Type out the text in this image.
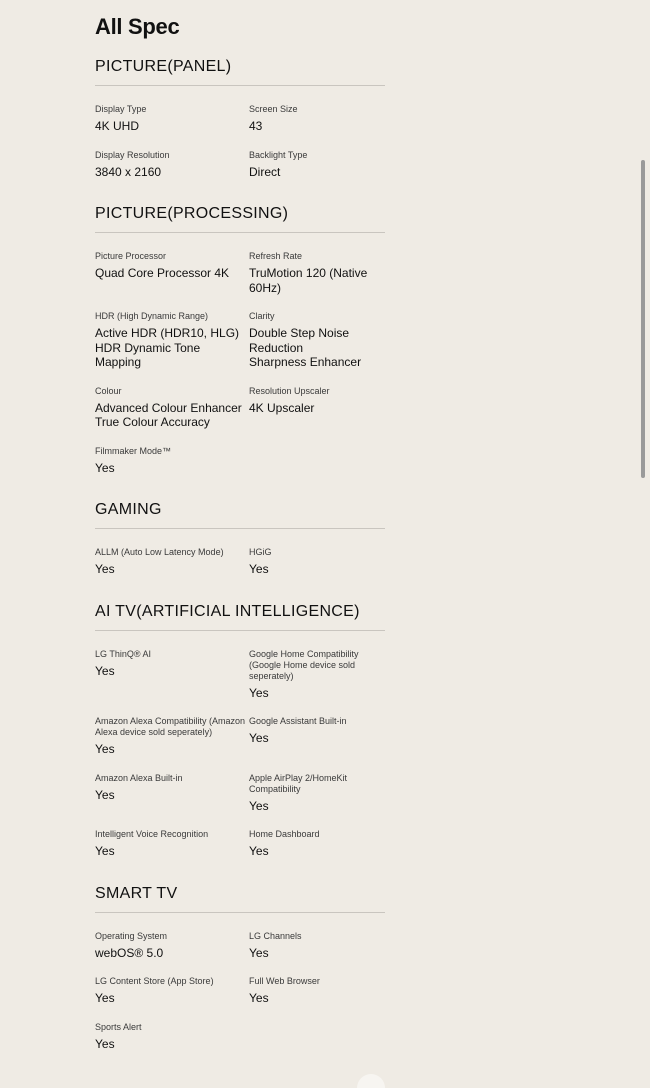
All Spec
PICTURE(PANEL)
Display Type
4K UHD
Screen Size
43
Display Resolution
3840 x 2160
Backlight Type
Direct
PICTURE(PROCESSING)
Picture Processor
Quad Core Processor 4K
Refresh Rate
TruMotion 120 (Native 60Hz)
HDR (High Dynamic Range)
Active HDR (HDR10, HLG)
HDR Dynamic Tone Mapping
Clarity
Double Step Noise Reduction
Sharpness Enhancer
Colour
Advanced Colour Enhancer
True Colour Accuracy
Resolution Upscaler
4K Upscaler
Filmmaker Mode™
Yes
GAMING
ALLM (Auto Low Latency Mode)
Yes
HGiG
Yes
AI TV(ARTIFICIAL INTELLIGENCE)
LG ThinQ® AI
Yes
Google Home Compatibility (Google Home device sold seperately)
Yes
Amazon Alexa Compatibility (Amazon Alexa device sold seperately)
Yes
Google Assistant Built-in
Yes
Amazon Alexa Built-in
Yes
Apple AirPlay 2/HomeKit Compatibility
Yes
Intelligent Voice Recognition
Yes
Home Dashboard
Yes
SMART TV
Operating System
webOS® 5.0
LG Channels
Yes
LG Content Store (App Store)
Yes
Full Web Browser
Yes
Sports Alert
Yes
